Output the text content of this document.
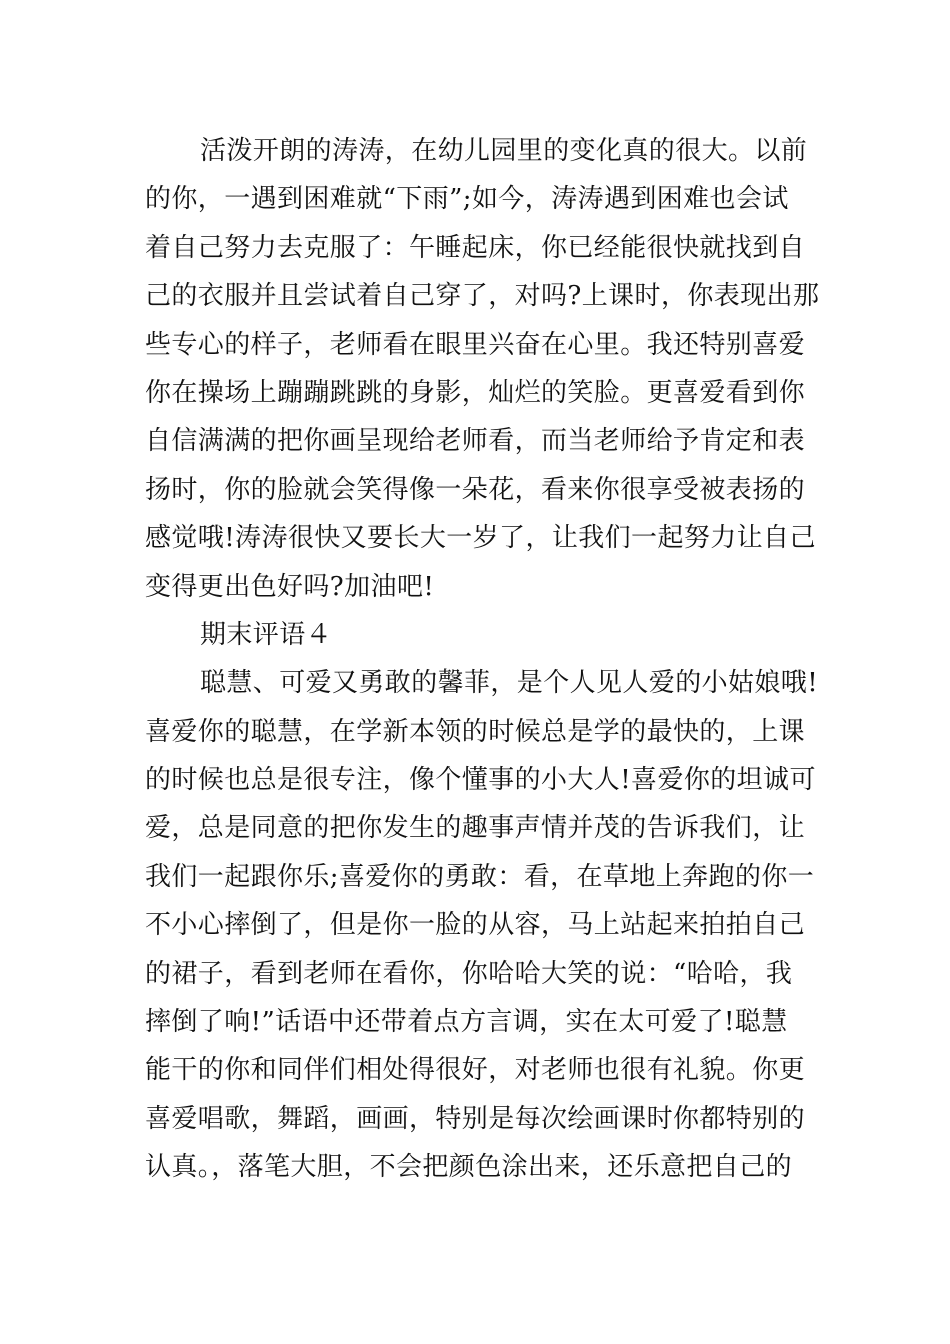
活泼开朗的涛涛，在幼儿园里的变化真的很大。以前
的你，一遇到困难就“下雨”;如今，涛涛遇到困难也会试
着自己努力去克服了：午睡起床，你已经能很快就找到自
己的衣服并且尝试着自己穿了，对吗?上课时，你表现出那
些专心的样子，老师看在眼里兴奋在心里。我还特别喜爱
你在操场上蹦蹦跳跳的身影，灿烂的笑脸。更喜爱看到你
自信满满的把你画呈现给老师看，而当老师给予肯定和表
扬时，你的脸就会笑得像一朵花，看来你很享受被表扬的
感觉哦!涛涛很快又要长大一岁了，让我们一起努力让自己
变得更出色好吗?加油吧!
期末评语４
聪慧、可爱又勇敢的馨菲，是个人见人爱的小姑娘哦!
喜爱你的聪慧，在学新本领的时候总是学的最快的，上课
的时候也总是很专注，像个懂事的小大人!喜爱你的坦诚可
爱，总是同意的把你发生的趣事声情并茂的告诉我们，让
我们一起跟你乐;喜爱你的勇敢：看，在草地上奔跑的你一
不小心摔倒了，但是你一脸的从容，马上站起来拍拍自己
的裙子，看到老师在看你，你哈哈大笑的说：“哈哈，我
摔倒了响!”话语中还带着点方言调，实在太可爱了!聪慧
能干的你和同伴们相处得很好，对老师也很有礼貌。你更
喜爱唱歌，舞蹈，画画，特别是每次绘画课时你都特别的
认真。，落笔大胆，不会把颜色涂出来，还乐意把自己的
